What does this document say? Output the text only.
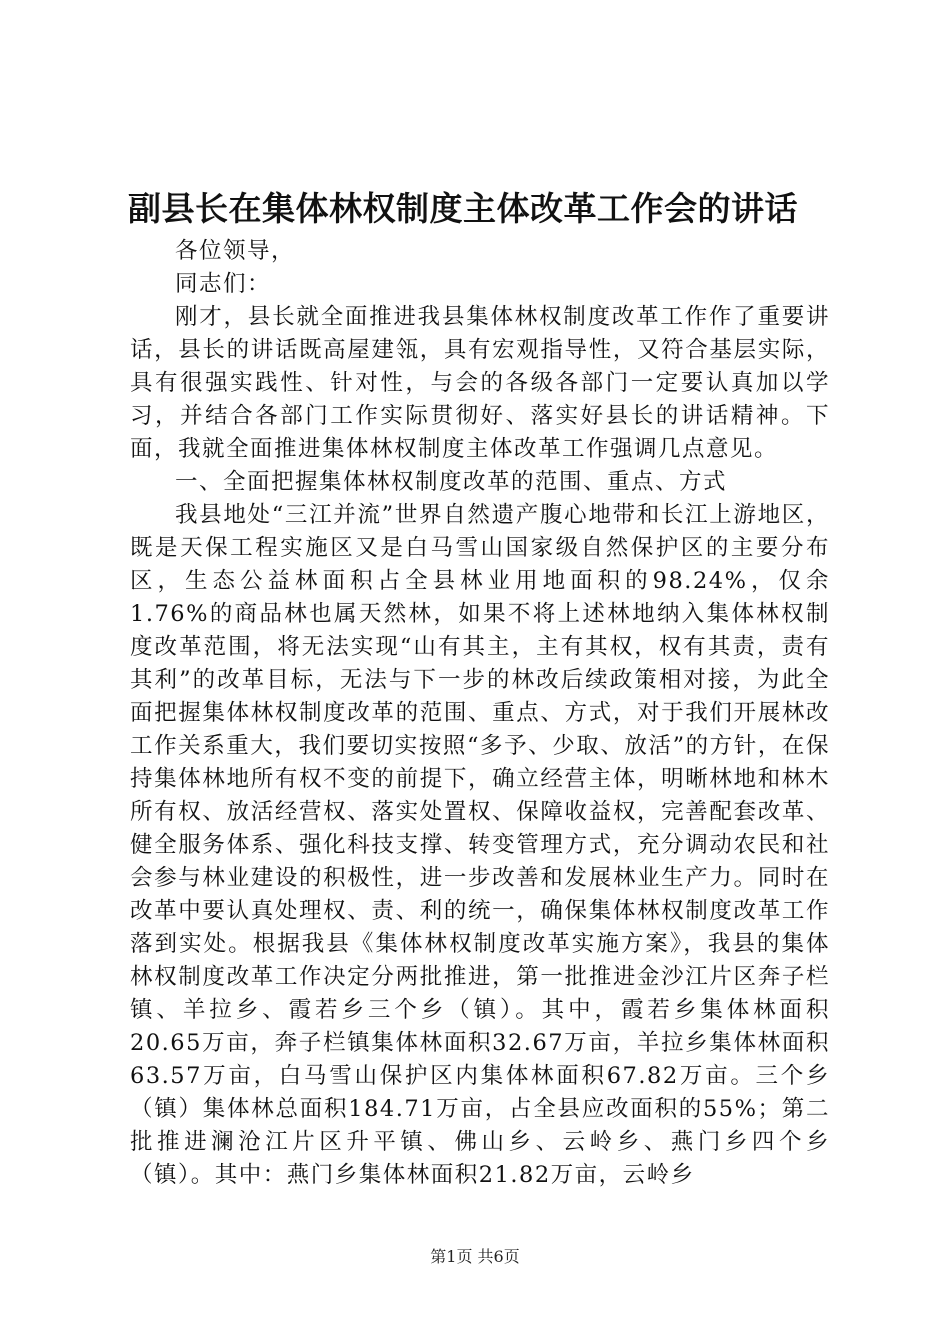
副县长在集体林权制度主体改革工作会的讲话

各位领导，

同志们：

刚才，县长就全面推进我县集体林权制度改革工作作了重要讲话，县长的讲话既高屋建瓴，具有宏观指导性，又符合基层实际，具有很强实践性、针对性，与会的各级各部门一定要认真加以学习，并结合各部门工作实际贯彻好、落实好县长的讲话精神。下面，我就全面推进集体林权制度主体改革工作强调几点意见。

一、全面把握集体林权制度改革的范围、重点、方式

我县地处“三江并流”世界自然遗产腹心地带和长江上游地区，既是天保工程实施区又是白马雪山国家级自然保护区的主要分布区，生态公益林面积占全县林业用地面积的98.24%，仅余1.76%的商品林也属天然林，如果不将上述林地纳入集体林权制度改革范围，将无法实现“山有其主，主有其权，权有其责，责有其利”的改革目标，无法与下一步的林改后续政策相对接，为此全面把握集体林权制度改革的范围、重点、方式，对于我们开展林改工作关系重大，我们要切实按照“多予、少取、放活”的方针，在保持集体林地所有权不变的前提下，确立经营主体，明晰林地和林木所有权、放活经营权、落实处置权、保障收益权，完善配套改革、健全服务体系、强化科技支撑、转变管理方式，充分调动农民和社会参与林业建设的积极性，进一步改善和发展林业生产力。同时在改革中要认真处理权、责、利的统一，确保集体林权制度改革工作落到实处。根据我县《集体林权制度改革实施方案》，我县的集体林权制度改革工作决定分两批推进，第一批推进金沙江片区奔子栏镇、羊拉乡、霞若乡三个乡（镇）。其中，霞若乡集体林面积20.65万亩，奔子栏镇集体林面积32.67万亩，羊拉乡集体林面积63.57万亩，白马雪山保护区内集体林面积67.82万亩。三个乡（镇）集体林总面积184.71万亩，占全县应改面积的55%；第二批推进澜沧江片区升平镇、佛山乡、云岭乡、燕门乡四个乡（镇）。其中：燕门乡集体林面积21.82万亩，云岭乡

第1页 共6页
